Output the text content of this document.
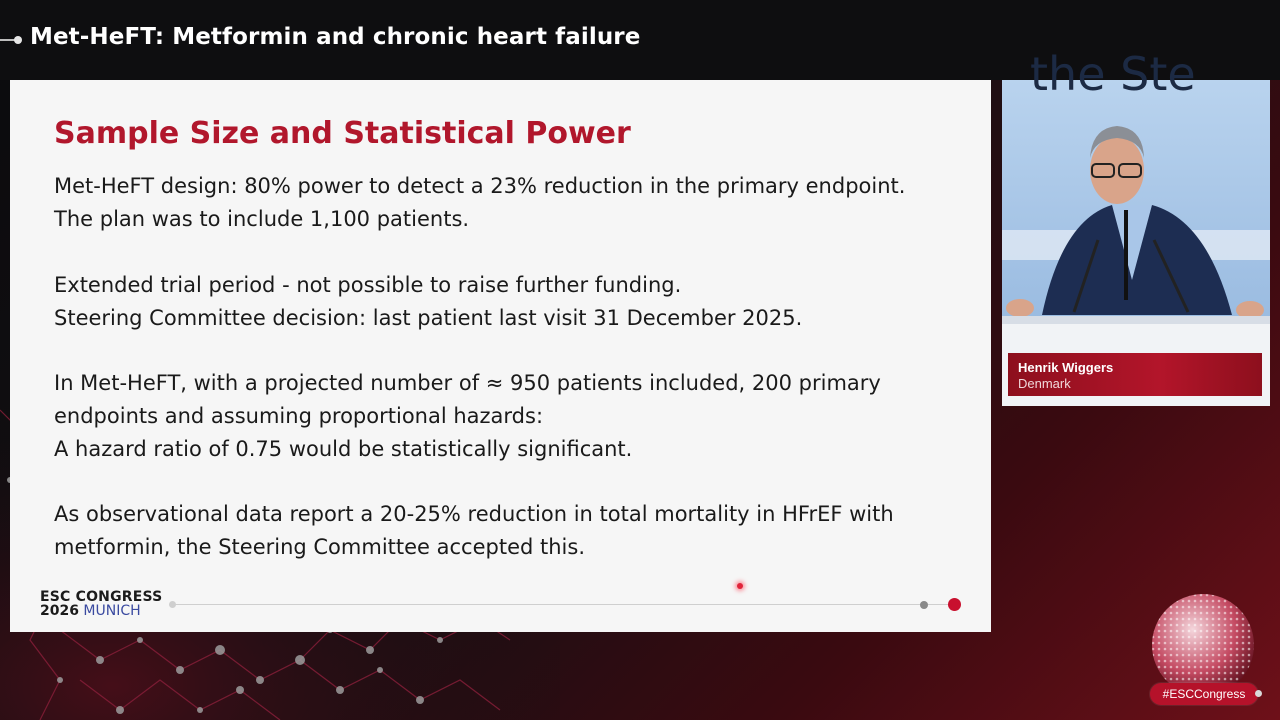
Met-HeFT: Metformin and chronic heart failure
Sample Size and Statistical Power
Met-HeFT design: 80% power to detect a 23% reduction in the primary endpoint.
The plan was to include 1,100 patients.
Extended trial period - not possible to raise further funding.
Steering Committee decision: last patient last visit 31 December 2025.
In Met-HeFT, with a projected number of ≈ 950 patients included, 200 primary
endpoints and assuming proportional hazards:
A hazard ratio of 0.75 would be statistically significant.
As observational data report a 20-25% reduction in total mortality in HFrEF with
metformin, the Steering Committee accepted this.
ESC CONGRESS
2026 MUNICH
the Ste
Henrik Wiggers
Denmark
#ESCCongress
